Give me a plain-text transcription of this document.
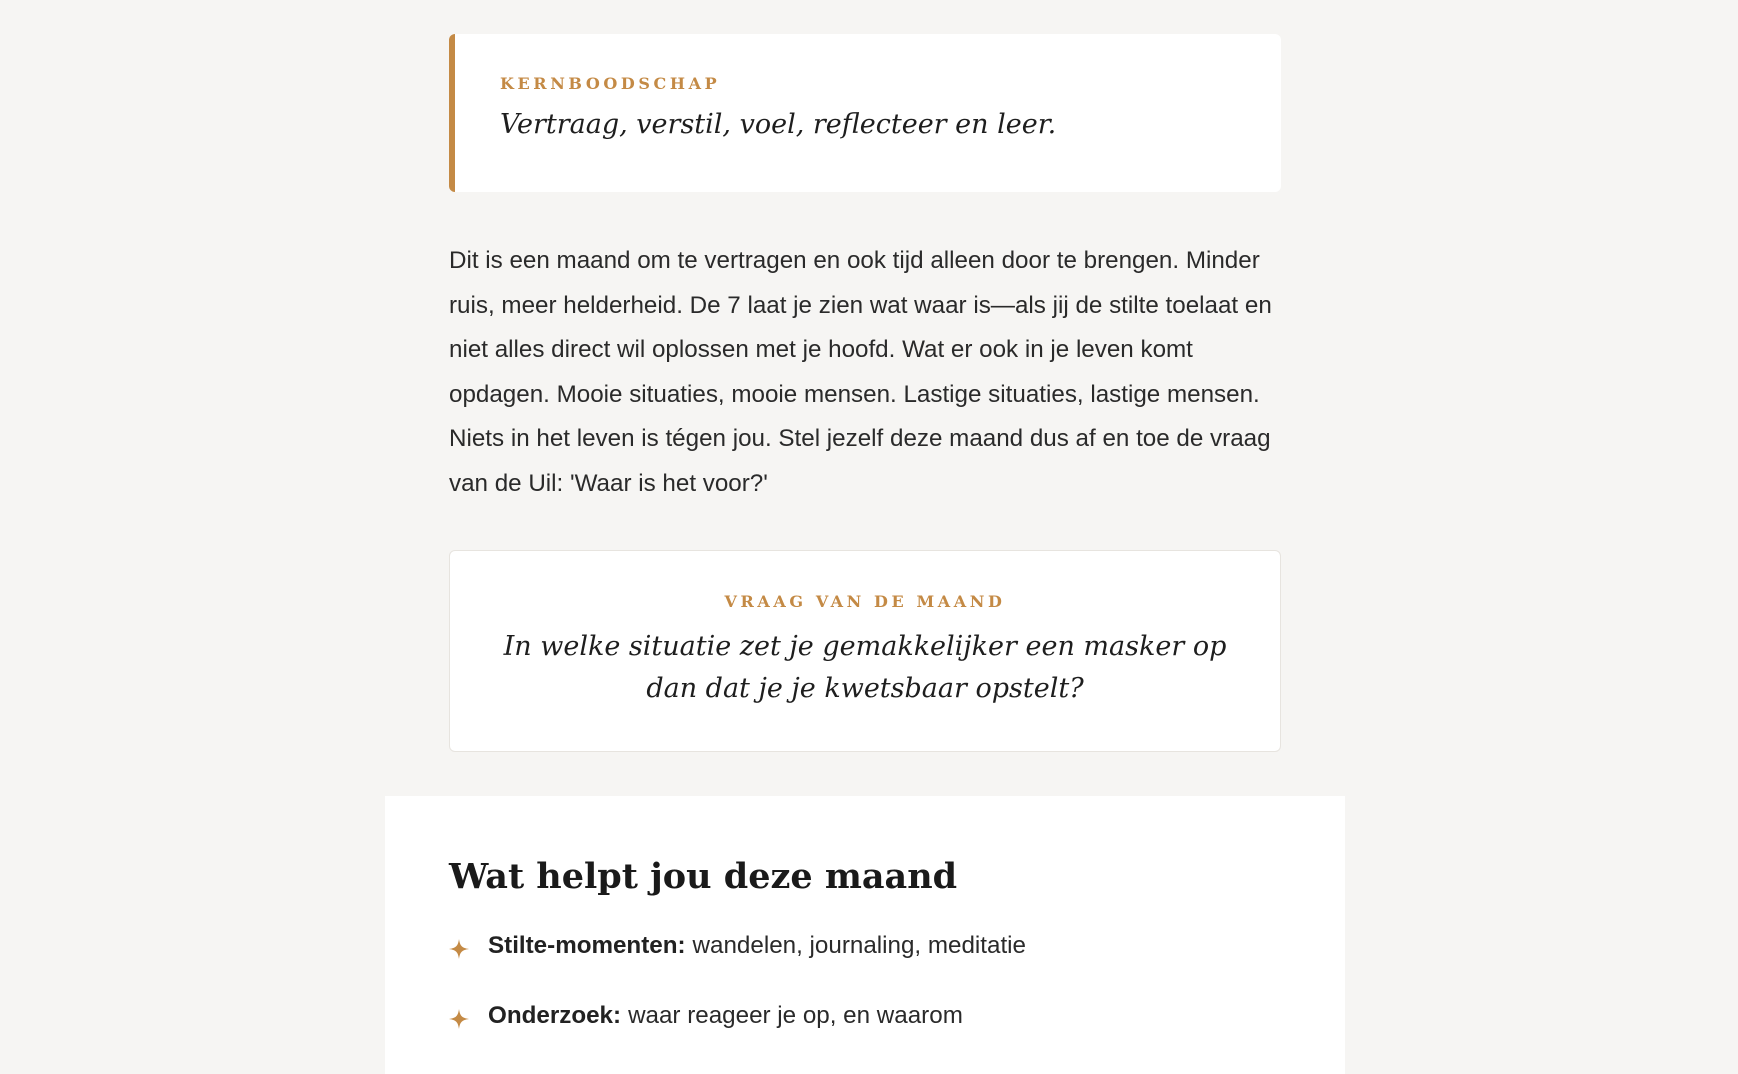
KERNBOODSCHAP

Vertraag, verstil, voel, reflecteer en leer.

Dit is een maand om te vertragen en ook tijd alleen door te brengen. Minder ruis, meer helderheid. De 7 laat je zien wat waar is—als jij de stilte toelaat en niet alles direct wil oplossen met je hoofd. Wat er ook in je leven komt opdagen. Mooie situaties, mooie mensen. Lastige situaties, lastige mensen. Niets in het leven is tégen jou. Stel jezelf deze maand dus af en toe de vraag van de Uil: 'Waar is het voor?'

VRAAG VAN DE MAAND

In welke situatie zet je gemakkelijker een masker op dan dat je je kwetsbaar opstelt?

Wat helpt jou deze maand
Stilte-momenten: wandelen, journaling, meditatie
Onderzoek: waar reageer je op, en waarom
